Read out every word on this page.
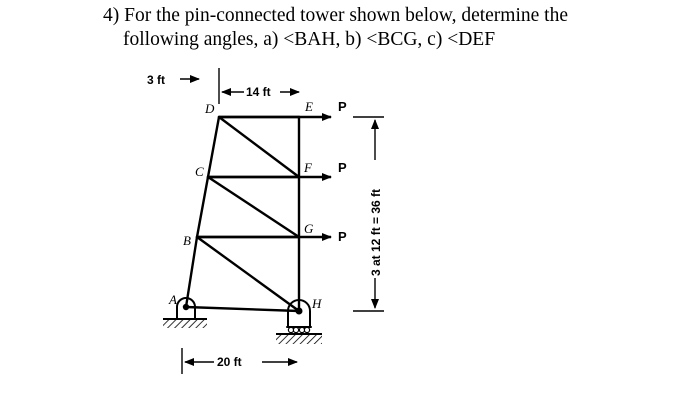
4) For the pin-connected tower shown below, determine the
following angles, a) <BAH, b) <BCG, c) <DEF
D	E
C	F
B
G
A	H
P
P
P
3 ft
14 ft
20 ft
3 at 12 ft = 36 ft
